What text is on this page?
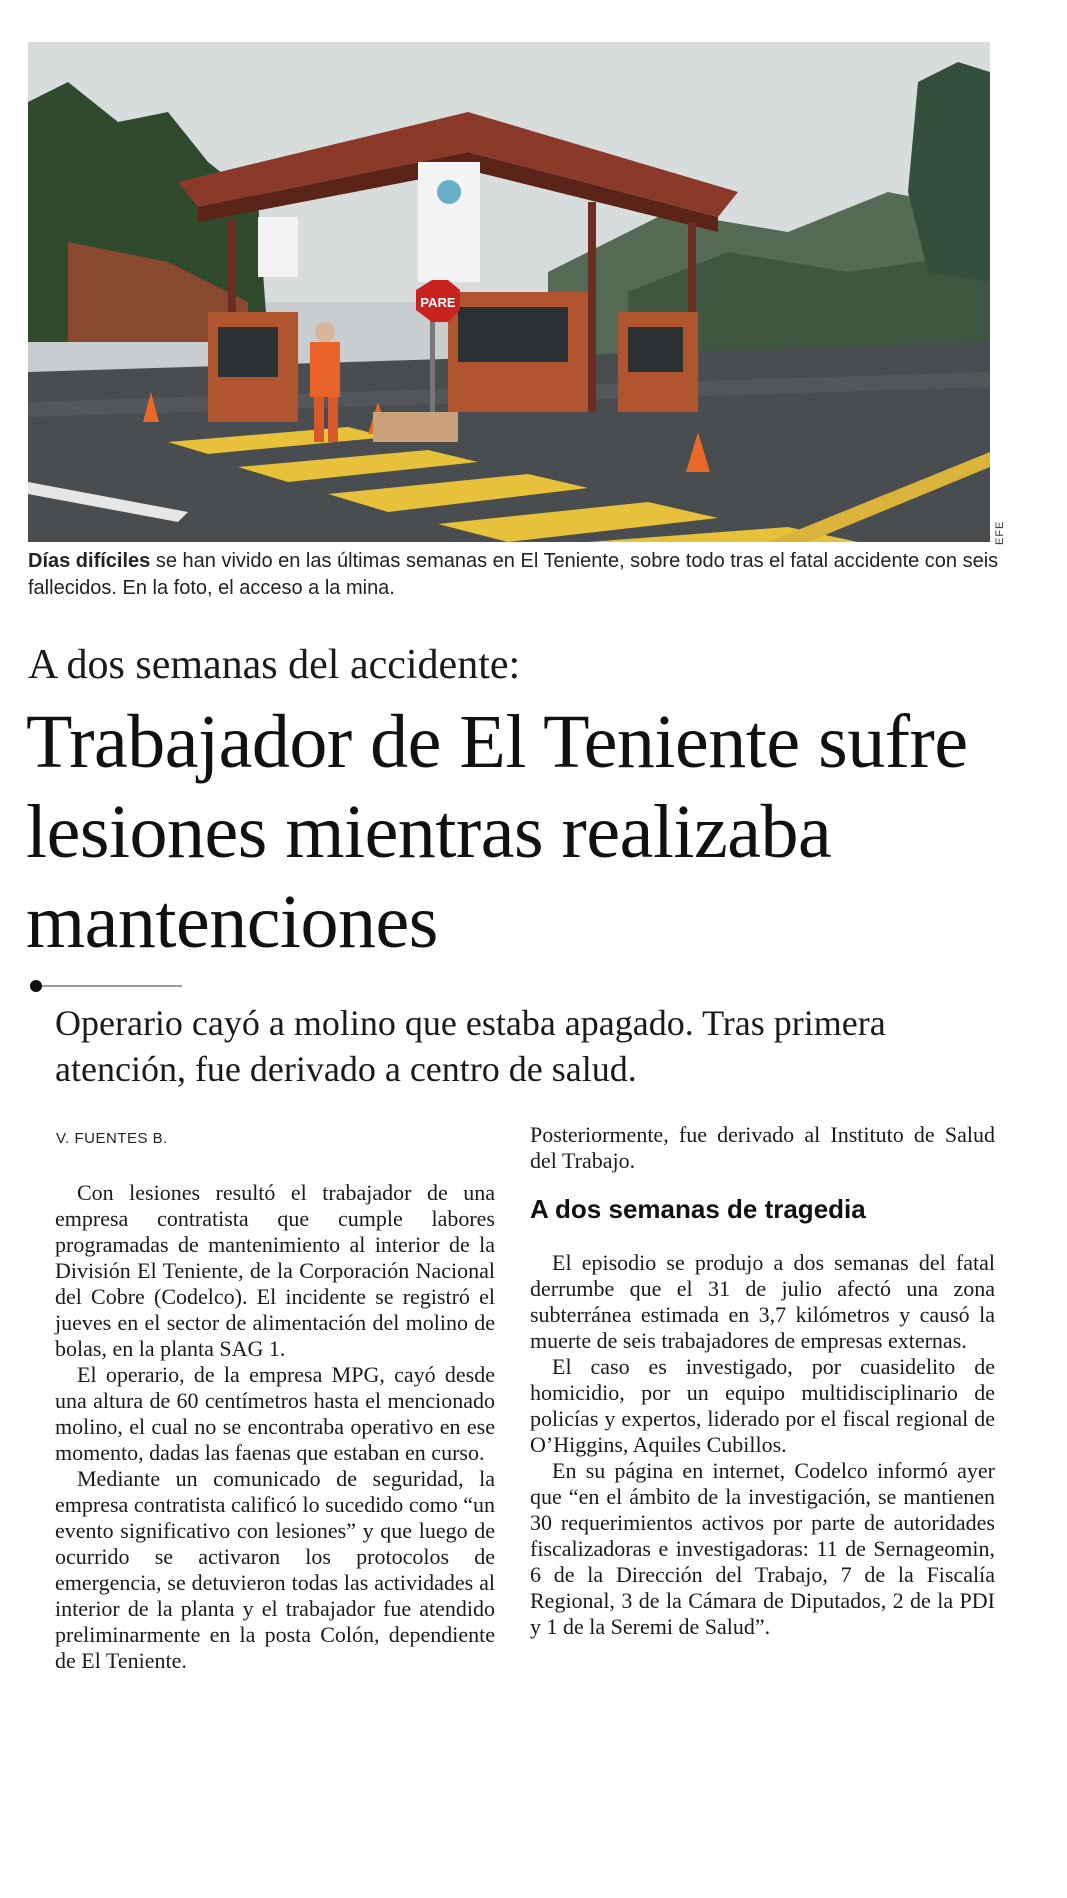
PARE
EFE
Días difíciles se han vivido en las últimas semanas en El Teniente, sobre todo tras el fatal accidente con seis fallecidos. En la foto, el acceso a la mina.
A dos semanas del accidente:
Trabajador de El Teniente sufre lesiones mientras realizaba mantenciones
Operario cayó a molino que estaba apagado. Tras primera atención, fue derivado a centro de salud.
V. FUENTES B.

Con lesiones resultó el trabajador de una empresa contratista que cumple labores programadas de mantenimiento al interior de la División El Teniente, de la Corporación Nacional del Cobre (Codelco). El incidente se registró el jueves en el sector de alimentación del molino de bolas, en la planta SAG 1.

El operario, de la empresa MPG, cayó desde una altura de 60 centímetros hasta el mencionado molino, el cual no se encontraba operativo en ese momento, dadas las faenas que estaban en curso.

Mediante un comunicado de seguridad, la empresa contratista calificó lo sucedido como “un evento significativo con lesiones” y que luego de ocurrido se activaron los protocolos de emergencia, se detuvieron todas las actividades al interior de la planta y el trabajador fue atendido preliminarmente en la posta Colón, dependiente de El Teniente.

Posteriormente, fue derivado al Instituto de Salud del Trabajo.

A dos semanas de tragedia

El episodio se produjo a dos semanas del fatal derrumbe que el 31 de julio afectó una zona subterránea estimada en 3,7 kilómetros y causó la muerte de seis trabajadores de empresas externas.

El caso es investigado, por cuasidelito de homicidio, por un equipo multidisciplinario de policías y expertos, liderado por el fiscal regional de O’Higgins, Aquiles Cubillos.

En su página en internet, Codelco informó ayer que “en el ámbito de la investigación, se mantienen 30 requerimientos activos por parte de autoridades fiscalizadoras e investigadoras: 11 de Sernageomin, 6 de la Dirección del Trabajo, 7 de la Fiscalía Regional, 3 de la Cámara de Diputados, 2 de la PDI y 1 de la Seremi de Salud”.
